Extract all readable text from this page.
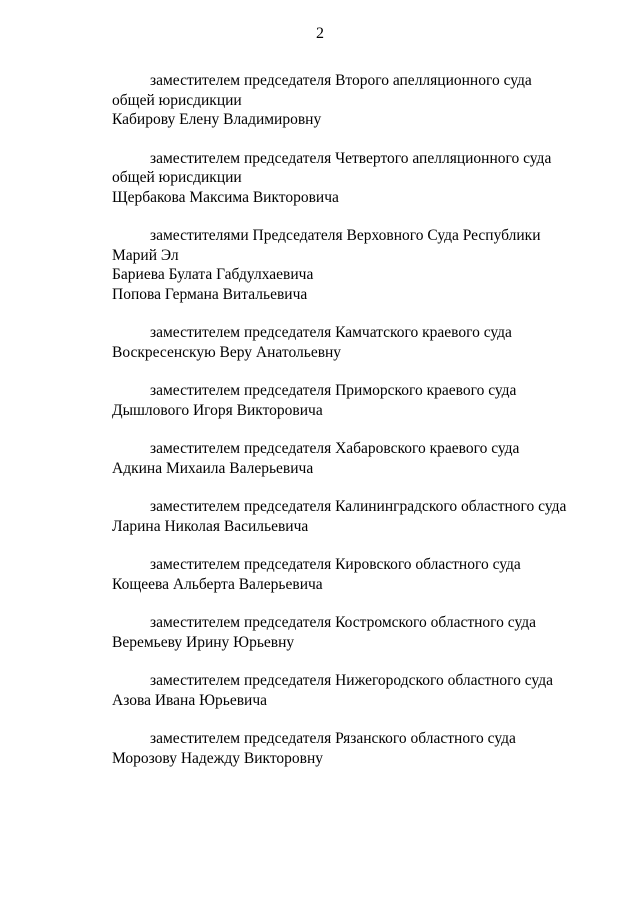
2

заместителем председателя Второго апелляционного суда общей юрисдикции

Кабирову Елену Владимировну

заместителем председателя Четвертого апелляционного суда общей юрисдикции

Щербакова Максима Викторовича

заместителями Председателя Верховного Суда Республики Марий Эл

Бариева Булата Габдулхаевича

Попова Германа Витальевича

заместителем председателя Камчатского краевого суда

Воскресенскую Веру Анатольевну

заместителем председателя Приморского краевого суда

Дышлового Игоря Викторовича

заместителем председателя Хабаровского краевого суда

Адкина Михаила Валерьевича

заместителем председателя Калининградского областного суда

Ларина Николая Васильевича

заместителем председателя Кировского областного суда

Кощеева Альберта Валерьевича

заместителем председателя Костромского областного суда

Веремьеву Ирину Юрьевну

заместителем председателя Нижегородского областного суда

Азова Ивана Юрьевича

заместителем председателя Рязанского областного суда

Морозову Надежду Викторовну
